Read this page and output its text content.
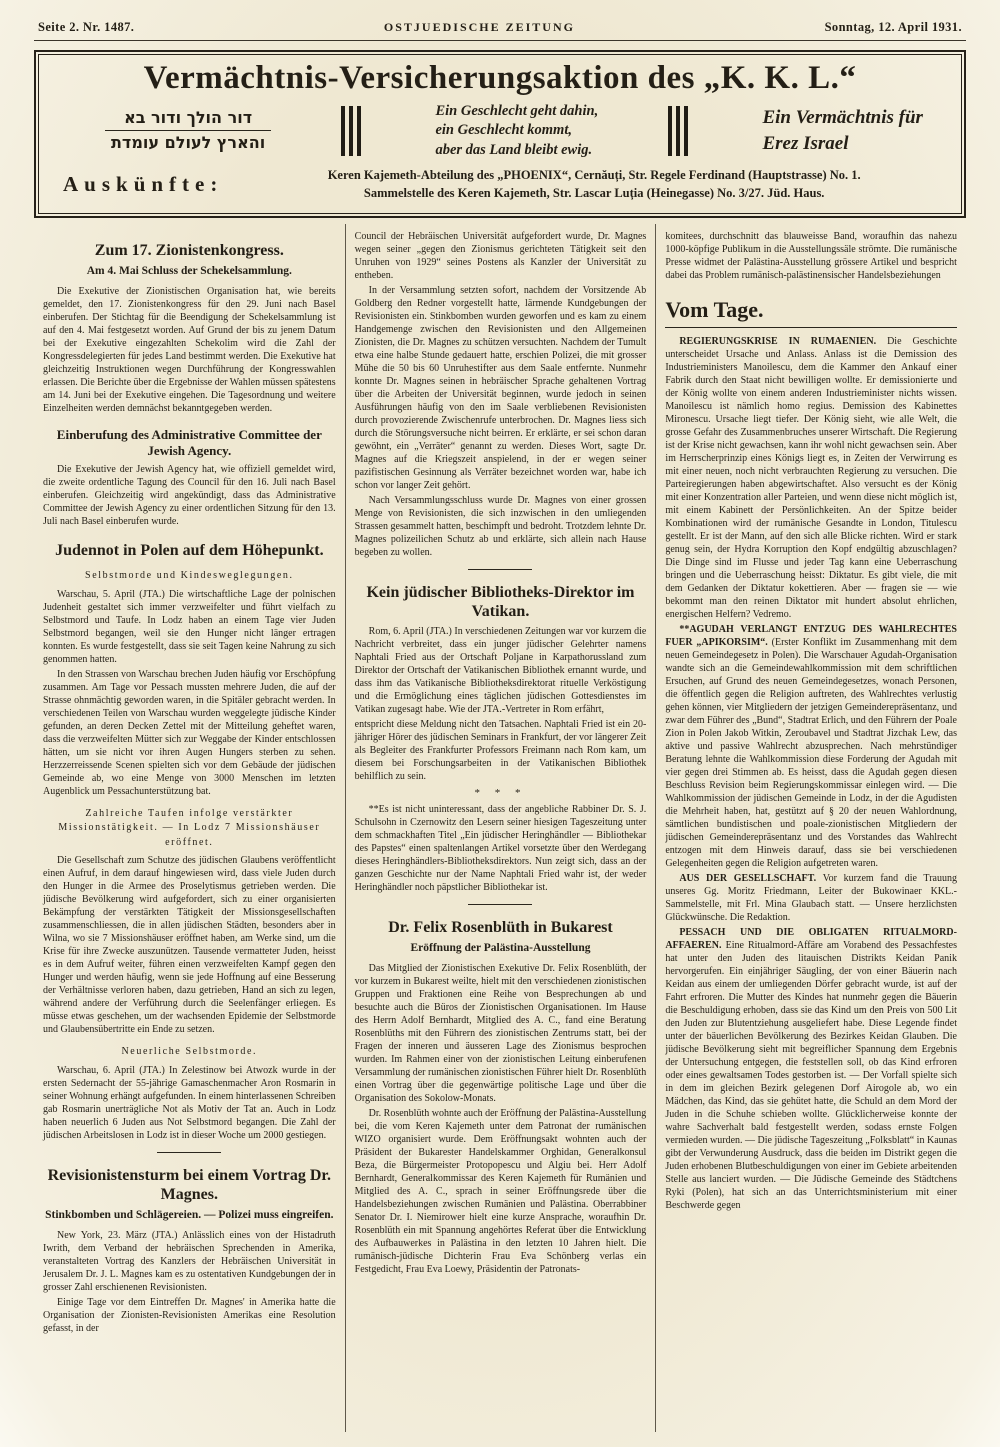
Seite 2. Nr. 1487.	OSTJUEDISCHE ZEITUNG	Sonntag, 12. April 1931.
Vermächtnis-Versicherungsaktion des „K. K. L.“
דור הולך ודור בא
והארץ לעולם עומדת
Ein Geschlecht geht dahin,
ein Geschlecht kommt,
aber das Land bleibt ewig.
Ein Vermächtnis für
Erez Israel
Auskünfte:	Keren Kajemeth-Abteilung des „PHOENIX“, Cernăuți, Str. Regele Ferdinand (Hauptstrasse) No. 1.
Sammelstelle des Keren Kajemeth, Str. Lascar Luția (Heinegasse) No. 3/27. Jüd. Haus.
Zum 17. Zionistenkongress.
Am 4. Mai Schluss der Schekelsammlung.
Die Exekutive der Zionistischen Organisation hat, wie bereits gemeldet, den 17. Zionistenkongress für den 29. Juni nach Basel einberufen. Der Stichtag für die Beendigung der Schekelsammlung ist auf den 4. Mai festgesetzt worden. Auf Grund der bis zu jenem Datum bei der Exekutive eingezahlten Schekolim wird die Zahl der Kongressdelegierten für jedes Land bestimmt werden. Die Exekutive hat gleichzeitig Instruktionen wegen Durchführung der Kongresswahlen erlassen. Die Berichte über die Ergebnisse der Wahlen müssen spätestens am 14. Juni bei der Exekutive eingehen. Die Tagesordnung und weitere Einzelheiten werden demnächst bekanntgegeben werden.
Einberufung des Administrative Committee der Jewish Agency.
Die Exekutive der Jewish Agency hat, wie offiziell gemeldet wird, die zweite ordentliche Tagung des Council für den 16. Juli nach Basel einberufen. Gleichzeitig wird angekündigt, dass das Administrative Committee der Jewish Agency zu einer ordentlichen Sitzung für den 13. Juli nach Basel einberufen wurde.
Judennot in Polen auf dem Höhepunkt.
Selbstmorde und Kindesweglegungen.
Warschau, 5. April (JTA.) Die wirtschaftliche Lage der polnischen Judenheit gestaltet sich immer verzweifelter und führt vielfach zu Selbstmord und Taufe. In Lodz haben an einem Tage vier Juden Selbstmord begangen, weil sie den Hunger nicht länger ertragen konnten. Es wurde festgestellt, dass sie seit Tagen keine Nahrung zu sich genommen hatten.
In den Strassen von Warschau brechen Juden häufig vor Erschöpfung zusammen. Am Tage vor Pessach mussten mehrere Juden, die auf der Strasse ohnmächtig geworden waren, in die Spitäler gebracht werden. In verschiedenen Teilen von Warschau wurden weggelegte jüdische Kinder gefunden, an deren Decken Zettel mit der Mitteilung geheftet waren, dass die verzweifelten Mütter sich zur Weggabe der Kinder entschlossen hätten, um sie nicht vor ihren Augen Hungers sterben zu sehen. Herzzerreissende Scenen spielten sich vor dem Gebäude der jüdischen Gemeinde ab, wo eine Menge von 3000 Menschen im letzten Augenblick um Pessachunterstützung bat.
Zahlreiche Taufen infolge verstärkter Missionstätigkeit. — In Lodz 7 Missionshäuser eröffnet.
Die Gesellschaft zum Schutze des jüdischen Glaubens veröffentlicht einen Aufruf, in dem darauf hingewiesen wird, dass viele Juden durch den Hunger in die Armee des Proselytismus getrieben werden. Die jüdische Bevölkerung wird aufgefordert, sich zu einer organisierten Bekämpfung der verstärkten Tätigkeit der Missionsgesellschaften zusammenschliessen, die in allen jüdischen Städten, besonders aber in Wilna, wo sie 7 Missionshäuser eröffnet haben, am Werke sind, um die Krise für ihre Zwecke auszunützen. Tausende vermatteter Juden, heisst es in dem Aufruf weiter, führen einen verzweifelten Kampf gegen den Hunger und werden häufig, wenn sie jede Hoffnung auf eine Besserung der Verhältnisse verloren haben, dazu getrieben, Hand an sich zu legen, während andere der Verführung durch die Seelenfänger erliegen. Es müsse etwas geschehen, um der wachsenden Epidemie der Selbstmorde und Glaubensübertritte ein Ende zu setzen.
Neuerliche Selbstmorde.
Warschau, 6. April (JTA.) In Zelestinow bei Atwozk wurde in der ersten Sedernacht der 55-jährige Gamaschenmacher Aron Rosmarin in seiner Wohnung erhängt aufgefunden. In einem hinterlassenen Schreiben gab Rosmarin unerträgliche Not als Motiv der Tat an. Auch in Lodz haben neuerlich 6 Juden aus Not Selbstmord begangen. Die Zahl der jüdischen Arbeitslosen in Lodz ist in dieser Woche um 2000 gestiegen.
Revisionistensturm bei einem Vortrag Dr. Magnes.
Stinkbomben und Schlägereien. — Polizei muss eingreifen.
New York, 23. März (JTA.) Anlässlich eines von der Histadruth Iwrith, dem Verband der hebräischen Sprechenden in Amerika, veranstalteten Vortrag des Kanzlers der Hebräischen Universität in Jerusalem Dr. J. L. Magnes kam es zu ostentativen Kundgebungen der in grosser Zahl erschienenen Revisionisten.
Einige Tage vor dem Eintreffen Dr. Magnes' in Amerika hatte die Organisation der Zionisten-Revisionisten Amerikas eine Resolution gefasst, in der
Council der Hebräischen Universität aufgefordert wurde, Dr. Magnes wegen seiner „gegen den Zionismus gerichteten Tätigkeit seit den Unruhen von 1929“ seines Postens als Kanzler der Universität zu entheben.
In der Versammlung setzten sofort, nachdem der Vorsitzende Ab Goldberg den Redner vorgestellt hatte, lärmende Kundgebungen der Revisionisten ein. Stinkbomben wurden geworfen und es kam zu einem Handgemenge zwischen den Revisionisten und den Allgemeinen Zionisten, die Dr. Magnes zu schützen versuchten. Nachdem der Tumult etwa eine halbe Stunde gedauert hatte, erschien Polizei, die mit grosser Mühe die 50 bis 60 Unruhestifter aus dem Saale entfernte. Nunmehr konnte Dr. Magnes seinen in hebräischer Sprache gehaltenen Vortrag über die Arbeiten der Universität beginnen, wurde jedoch in seinen Ausführungen häufig von den im Saale verbliebenen Revisionisten durch provozierende Zwischenrufe unterbrochen. Dr. Magnes liess sich durch die Störungsversuche nicht beirren. Er erklärte, er sei schon daran gewöhnt, ein „Verräter“ genannt zu werden. Dieses Wort, sagte Dr. Magnes auf die Kriegszeit anspielend, in der er wegen seiner pazifistischen Gesinnung als Verräter bezeichnet worden war, habe ich schon vor langer Zeit gehört.
Nach Versammlungsschluss wurde Dr. Magnes von einer grossen Menge von Revisionisten, die sich inzwischen in den umliegenden Strassen gesammelt hatten, beschimpft und bedroht. Trotzdem lehnte Dr. Magnes polizeilichen Schutz ab und erklärte, sich allein nach Hause begeben zu wollen.
Kein jüdischer Bibliotheks-Direktor im Vatikan.
Rom, 6. April (JTA.) In verschiedenen Zeitungen war vor kurzem die Nachricht verbreitet, dass ein junger jüdischer Gelehrter namens Naphtali Fried aus der Ortschaft Poljane in Karpathorussland zum Direktor der Ortschaft der Vatikanischen Bibliothek ernannt wurde, und dass ihm das Vatikanische Bibliotheksdirektorat rituelle Verköstigung und die Ermöglichung eines täglichen jüdischen Gottesdienstes im Vatikan zugesagt habe. Wie der JTA.-Vertreter in Rom erfährt,
entspricht diese Meldung nicht den Tatsachen. Naphtali Fried ist ein 20-jähriger Hörer des jüdischen Seminars in Frankfurt, der vor längerer Zeit als Begleiter des Frankfurter Professors Freimann nach Rom kam, um diesem bei Forschungsarbeiten in der Vatikanischen Bibliothek behilflich zu sein.
* * *
**Es ist nicht uninteressant, dass der angebliche Rabbiner Dr. S. J. Schulsohn in Czernowitz den Lesern seiner hiesigen Tageszeitung unter dem schmackhaften Titel „Ein jüdischer Heringhändler — Bibliothekar des Papstes“ einen spaltenlangen Artikel vorsetzte über den Werdegang dieses Heringhändlers-Bibliotheksdirektors. Nun zeigt sich, dass an der ganzen Geschichte nur der Name Naphtali Fried wahr ist, der weder Heringhändler noch päpstlicher Bibliothekar ist.
Dr. Felix Rosenblüth in Bukarest
Eröffnung der Palästina-Ausstellung
Das Mitglied der Zionistischen Exekutive Dr. Felix Rosenblüth, der vor kurzem in Bukarest weilte, hielt mit den verschiedenen zionistischen Gruppen und Fraktionen eine Reihe von Besprechungen ab und besuchte auch die Büros der Zionistischen Organisationen. Im Hause des Herrn Adolf Bernhardt, Mitglied des A. C., fand eine Beratung Rosenblüths mit den Führern des zionistischen Zentrums statt, bei der Fragen der inneren und äusseren Lage des Zionismus besprochen wurden. Im Rahmen einer von der zionistischen Leitung einberufenen Versammlung der rumänischen zionistischen Führer hielt Dr. Rosenblüth einen Vortrag über die gegenwärtige politische Lage und über die Organisation des Sokolow-Monats.
Dr. Rosenblüth wohnte auch der Eröffnung der Palästina-Ausstellung bei, die vom Keren Kajemeth unter dem Patronat der rumänischen WIZO organisiert wurde. Dem Eröffnungsakt wohnten auch der Präsident der Bukarester Handelskammer Orghidan, Generalkonsul Beza, die Bürgermeister Protopopescu und Algiu bei. Herr Adolf Bernhardt, Generalkommissar des Keren Kajemeth für Rumänien und Mitglied des A. C., sprach in seiner Eröffnungsrede über die Handelsbeziehungen zwischen Rumänien und Palästina. Oberrabbiner Senator Dr. I. Niemirower hielt eine kurze Ansprache, woraufhin Dr. Rosenblüth ein mit Spannung angehörtes Referat über die Entwicklung des Aufbauwerkes in Palästina in den letzten 10 Jahren hielt. Die rumänisch-jüdische Dichterin Frau Eva Schönberg verlas ein Festgedicht, Frau Eva Loewy, Präsidentin der Patronats-
komitees, durchschnitt das blauweisse Band, woraufhin das nahezu 1000-köpfige Publikum in die Ausstellungssäle strömte. Die rumänische Presse widmet der Palästina-Ausstellung grössere Artikel und bespricht dabei das Problem rumänisch-palästinensischer Handelsbeziehungen
Vom Tage.
REGIERUNGSKRISE IN RUMAENIEN. Die Geschichte unterscheidet Ursache und Anlass. Anlass ist die Demission des Industrieministers Manoilescu, dem die Kammer den Ankauf einer Fabrik durch den Staat nicht bewilligen wollte. Er demissionierte und der König wollte von einem anderen Industrieminister nichts wissen. Manoilescu ist nämlich homo regius. Demission des Kabinettes Mironescu. Ursache liegt tiefer. Der König sieht, wie alle Welt, die grosse Gefahr des Zusammenbruches unserer Wirtschaft. Die Regierung ist der Krise nicht gewachsen, kann ihr wohl nicht gewachsen sein. Aber im Herrscherprinzip eines Königs liegt es, in Zeiten der Verwirrung es mit einer neuen, noch nicht verbrauchten Regierung zu versuchen. Die Parteiregierungen haben abgewirtschaftet. Also versucht es der König mit einer Konzentration aller Parteien, und wenn diese nicht möglich ist, mit einem Kabinett der Persönlichkeiten. An der Spitze beider Kombinationen wird der rumänische Gesandte in London, Titulescu gestellt. Er ist der Mann, auf den sich alle Blicke richten. Wird er stark genug sein, der Hydra Korruption den Kopf endgültig abzuschlagen? Die Dinge sind im Flusse und jeder Tag kann eine Ueberraschung bringen und die Ueberraschung heisst: Diktatur. Es gibt viele, die mit dem Gedanken der Diktatur kokettieren. Aber — fragen sie — wie bekommt man den reinen Diktator mit hundert absolut ehrlichen, energischen Helfern? Vedremo.
**AGUDAH VERLANGT ENTZUG DES WAHLRECHTES FUER „APIKORSIM“. (Erster Konflikt im Zusammenhang mit dem neuen Gemeindegesetz in Polen). Die Warschauer Agudah-Organisation wandte sich an die Gemeindewahlkommission mit dem schriftlichen Ersuchen, auf Grund des neuen Gemeindegesetzes, wonach Personen, die öffentlich gegen die Religion auftreten, des Wahlrechtes verlustig gehen können, vier Mitgliedern der jetzigen Gemeinderepräsentanz, und zwar dem Führer des „Bund“, Stadtrat Erlich, und den Führern der Poale Zion in Polen Jakob Witkin, Zeroubavel und Stadtrat Jizchak Lew, das aktive und passive Wahlrecht abzusprechen. Nach mehrstündiger Beratung lehnte die Wahlkommission diese Forderung der Agudah mit vier gegen drei Stimmen ab. Es heisst, dass die Agudah gegen diesen Beschluss Revision beim Regierungskommissar einlegen wird. — Die Wahlkommission der jüdischen Gemeinde in Lodz, in der die Agudisten die Mehrheit haben, hat, gestützt auf § 20 der neuen Wahlordnung, sämtlichen bundistischen und poale-zionistischen Mitgliedern der jüdischen Gemeinderepräsentanz und des Vorstandes das Wahlrecht entzogen mit dem Hinweis darauf, dass sie bei verschiedenen Gelegenheiten gegen die Religion aufgetreten waren.
AUS DER GESELLSCHAFT. Vor kurzem fand die Trauung unseres Gg. Moritz Friedmann, Leiter der Bukowinaer KKL.-Sammelstelle, mit Frl. Mina Glaubach statt. — Unsere herzlichsten Glückwünsche. Die Redaktion.
PESSACH UND DIE OBLIGATEN RITUALMORD-AFFAEREN. Eine Ritualmord-Affäre am Vorabend des Pessachfestes hat unter den Juden des litauischen Distrikts Keidan Panik hervorgerufen. Ein einjähriger Säugling, der von einer Bäuerin nach Keidan aus einem der umliegenden Dörfer gebracht wurde, ist auf der Fahrt erfroren. Die Mutter des Kindes hat nunmehr gegen die Bäuerin die Beschuldigung erhoben, dass sie das Kind um den Preis von 500 Lit den Juden zur Blutentziehung ausgeliefert habe. Diese Legende findet unter der bäuerlichen Bevölkerung des Bezirkes Keidan Glauben. Die jüdische Bevölkerung sieht mit begreiflicher Spannung dem Ergebnis der Untersuchung entgegen, die feststellen soll, ob das Kind erfroren oder eines gewaltsamen Todes gestorben ist. — Der Vorfall spielte sich in dem im gleichen Bezirk gelegenen Dorf Airogole ab, wo ein Mädchen, das Kind, das sie gehütet hatte, die Schuld an dem Mord der Juden in die Schuhe schieben wollte. Glücklicherweise konnte der wahre Sachverhalt bald festgestellt werden, sodass ernste Folgen vermieden wurden. — Die jüdische Tageszeitung „Folksblatt“ in Kaunas gibt der Verwunderung Ausdruck, dass die beiden im Distrikt gegen die Juden erhobenen Blutbeschuldigungen von einer im Gebiete arbeitenden Stelle aus lanciert wurden. — Die Jüdische Gemeinde des Städtchens Ryki (Polen), hat sich an das Unterrichtsministerium mit einer Beschwerde gegen
